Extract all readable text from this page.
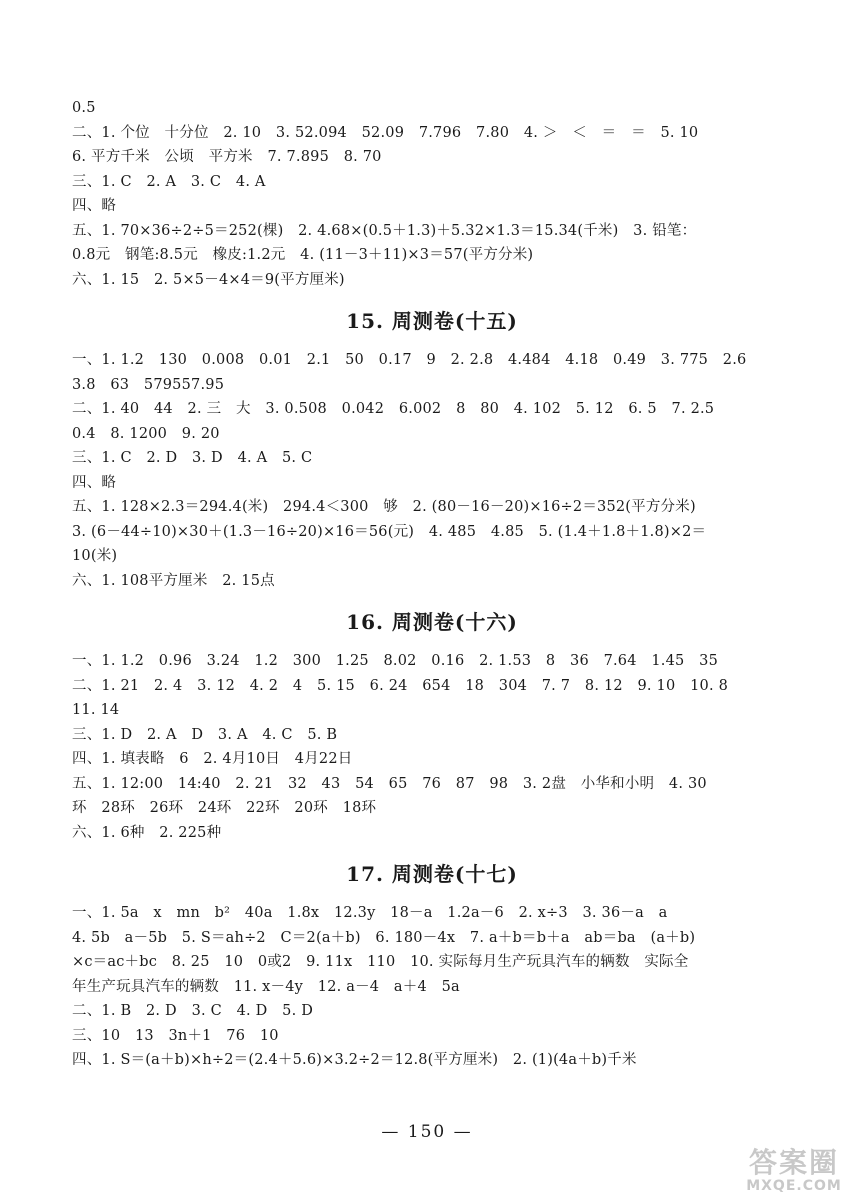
0.5
二、1. 个位　十分位　2. 10　3. 52.094　52.09　7.796　7.80　4. ＞　＜　＝　＝　5. 10
6. 平方千米　公顷　平方米　7. 7.895　8. 70
三、1. C　2. A　3. C　4. A
四、略
五、1. 70×36÷2÷5＝252(棵)　2. 4.68×(0.5＋1.3)＋5.32×1.3＝15.34(千米)　3. 铅笔：
0.8元　钢笔:8.5元　橡皮:1.2元　4. (11－3＋11)×3＝57(平方分米)
六、1. 15　2. 5×5－4×4＝9(平方厘米)
15. 周测卷(十五)
一、1. 1.2　130　0.008　0.01　2.1　50　0.17　9　2. 2.8　4.484　4.18　0.49　3. 775　2.6
3.8　63　579557.95
二、1. 40　44　2. 三　大　3. 0.508　0.042　6.002　8　80　4. 102　5. 12　6. 5　7. 2.5
0.4　8. 1200　9. 20
三、1. C　2. D　3. D　4. A　5. C
四、略
五、1. 128×2.3＝294.4(米)　294.4＜300　够　2. (80－16－20)×16÷2＝352(平方分米)
3. (6－44÷10)×30＋(1.3－16÷20)×16＝56(元)　4. 485　4.85　5. (1.4＋1.8＋1.8)×2＝
10(米)
六、1. 108平方厘米　2. 15点
16. 周测卷(十六)
一、1. 1.2　0.96　3.24　1.2　300　1.25　8.02　0.16　2. 1.53　8　36　7.64　1.45　35
二、1. 21　2. 4　3. 12　4. 2　4　5. 15　6. 24　654　18　304　7. 7　8. 12　9. 10　10. 8
11. 14
三、1. D　2. A　D　3. A　4. C　5. B
四、1. 填表略　6　2. 4月10日　4月22日
五、1. 12:00　14:40　2. 21　32　43　54　65　76　87　98　3. 2盘　小华和小明　4. 30
环　28环　26环　24环　22环　20环　18环
六、1. 6种　2. 225种
17. 周测卷(十七)
一、1. 5a　x　mn　b²　40a　1.8x　12.3y　18－a　1.2a－6　2. x÷3　3. 36－a　a
4. 5b　a－5b　5. S＝ah÷2　C＝2(a＋b)　6. 180－4x　7. a＋b＝b＋a　ab＝ba　(a＋b)
×c＝ac＋bc　8. 25　10　0或2　9. 11x　110　10. 实际每月生产玩具汽车的辆数　实际全
年生产玩具汽车的辆数　11. x－4y　12. a－4　a＋4　5a
二、1. B　2. D　3. C　4. D　5. D
三、10　13　3n＋1　76　10
四、1. S＝(a＋b)×h÷2＝(2.4＋5.6)×3.2÷2＝12.8(平方厘米)　2. (1)(4a＋b)千米
— 150 —
答案圈
MXQE.COM
